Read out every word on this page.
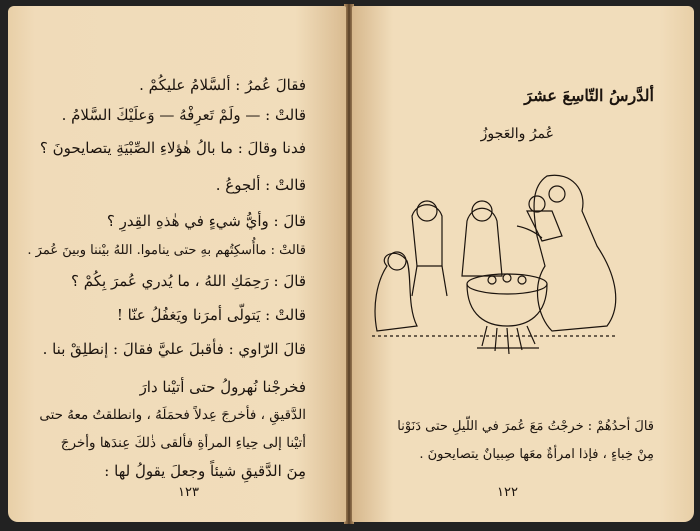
فقالَ عُمرُ : ألسَّلامُ عليكُمْ .
قالتْ : — ولَمْ تَعرِفْهُ — وَعلَيْكَ السَّلامُ .
فدنا وقالَ : ما بالُ هٰؤلاءِ الصِّبْيَةِ يتصايحونَ ؟
قالتْ : ألجوعُ .
قالَ : وأيُّ شيءٍ في هٰذهِ القِدرِ ؟
قالتْ : ماأُسكِتُهم بهِ حتى يناموا. اللهُ بيْننا وبينَ عُمرَ .
قالَ : رَحِمَكِ اللهُ ، ما يُدري عُمرَ بِكُمْ ؟
قالتْ : يَتولّى أمرَنا ويَغفُلُ عنّا !
قالَ الرّاوي : فأقبلَ عليَّ فقالَ : إنطلِقْ بنا .
فخرجْنا نُهرولُ حتى أتيْنا دارَ
الدَّقيقِ ، فأخرجَ عِدلاً فحمَلَهُ ، وانطلقتُ معهُ حتى
أتيْنا إلى حِياءِ المرأةِ فألقى ذٰلكَ عِندَها وأخرجَ
مِنَ الدَّقيقِ شيئاً وجعلَ يقولُ لها :
١٢٣
ألدَّرسُ التّاسِعَ عشرَ
عُمرُ والعَجوزُ
قالَ أحدُهُمْ : خرجْتُ مَعَ عُمرَ في اللّيلِ حتى دَنَوْنا
مِنْ خِباءٍ ، فإذا امرأةٌ معَها صِبيانٌ يتصايحونَ .
١٢٢
